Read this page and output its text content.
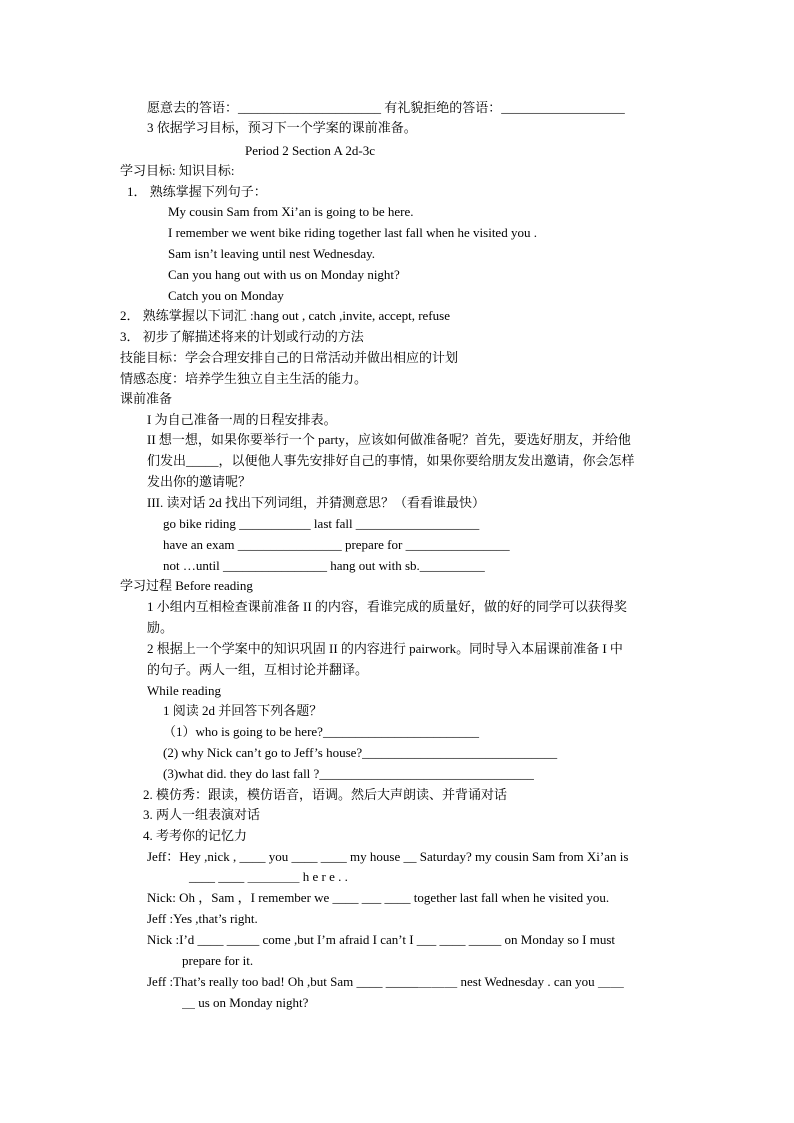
愿意去的答语：______________________ 有礼貌拒绝的答语：___________________
3 依据学习目标，预习下一个学案的课前准备。
Period 2 Section A 2d-3c
学习目标: 知识目标:
1． 熟练掌握下列句子：
My cousin Sam from Xi’an is going to be here.
I remember we went bike riding together last fall when he visited you .
Sam isn’t leaving until nest Wednesday.
Can you hang out with us on Monday night?
Catch you on Monday
2． 熟练掌握以下词汇 :hang out , catch ,invite, accept, refuse
3． 初步了解描述将来的计划或行动的方法
技能目标：学会合理安排自己的日常活动并做出相应的计划
情感态度：培养学生独立自主生活的能力。
课前准备
I 为自己准备一周的日程安排表。
II 想一想，如果你要举行一个 party，应该如何做准备呢？首先，要选好朋友，并给他
们发出_____，以便他人事先安排好自己的事情，如果你要给朋友发出邀请，你会怎样
发出你的邀请呢？
III. 读对话 2d 找出下列词组，并猜测意思？（看看谁最快）
go bike riding ___________ last fall ___________________
have an exam ________________ prepare for ________________
not …until ________________ hang out with sb.__________
学习过程 Before reading
1 小组内互相检查课前准备 II 的内容，看谁完成的质量好，做的好的同学可以获得奖
励。
2 根据上一个学案中的知识巩固 II 的内容进行 pairwork。同时导入本届课前准备 I 中
的句子。两人一组，互相讨论并翻译。
While reading
1 阅读 2d 并回答下列各题？
（1）who is going to be here?________________________
(2) why Nick can’t go to Jeff’s house?______________________________
(3)what did. they do last fall ?_________________________________
2. 模仿秀：跟读，模仿语音，语调。然后大声朗读、并背诵对话
3. 两人一组表演对话
4. 考考你的记忆力
Jeff：Hey ,nick , ____ you ____ ____ my house __ Saturday? my cousin Sam from Xi’an is
____ ____ ＿＿＿＿ h e r e . .
Nick: Oh ，Sam ，I remember we ____ ___ ____ together last fall when he visited you.
Jeff :Yes ,that’s right.
Nick :I’d ____ _____ come ,but I’m afraid I can’t I ___ ____ _____ on Monday so I must
prepare for it.
Jeff :That’s really too bad! Oh ,but Sam ____ _____＿＿＿ nest Wednesday . can you ＿＿
＿ us on Monday night?
